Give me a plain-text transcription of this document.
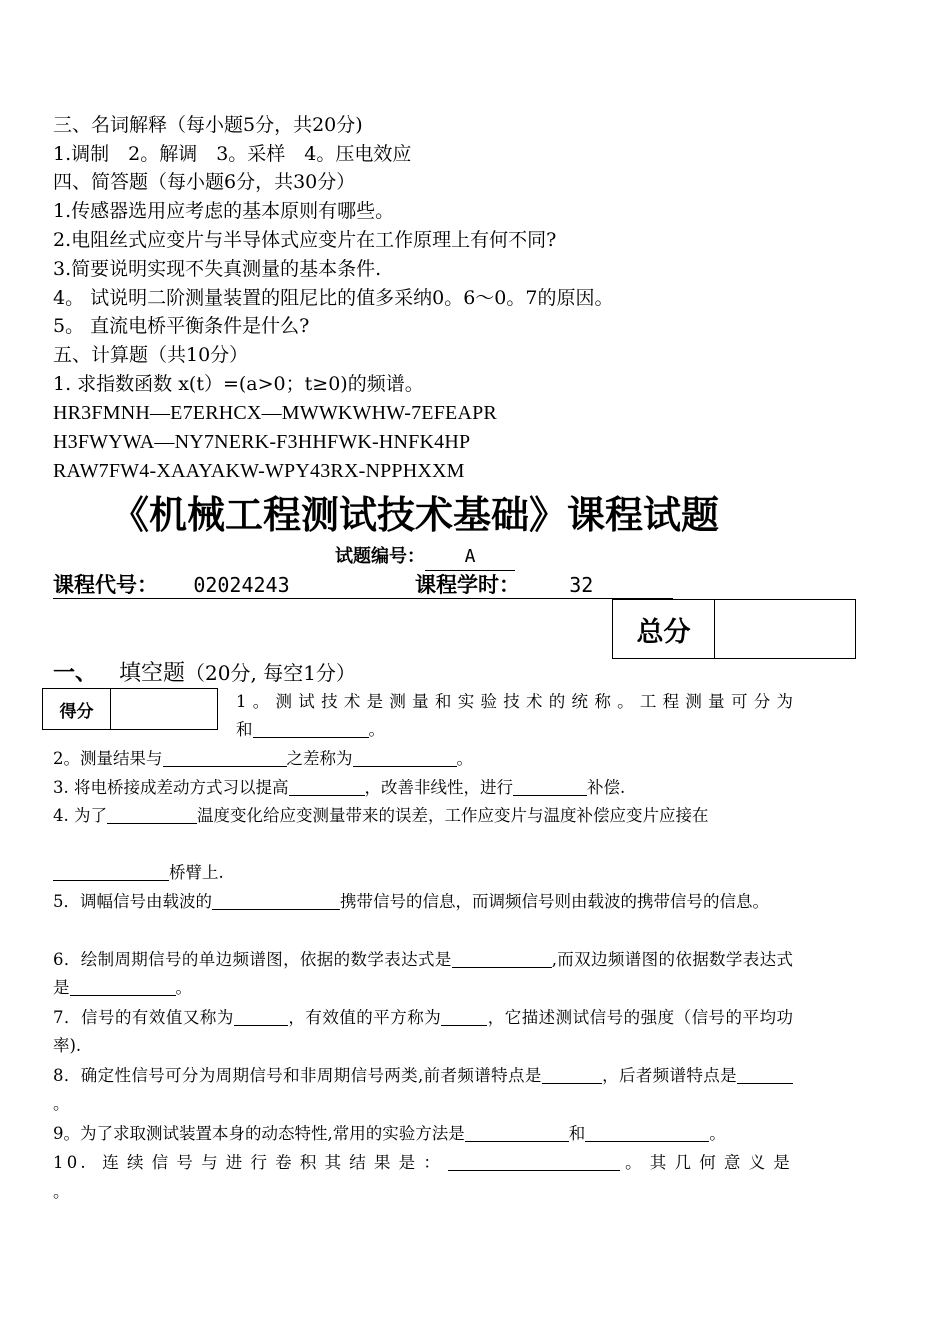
三、名词解释（每小题5分，共20分)
1.调制　2。解调　3。采样　4。压电效应
四、简答题（每小题6分，共30分）
1.传感器选用应考虑的基本原则有哪些。
2.电阻丝式应变片与半导体式应变片在工作原理上有何不同?
3.简要说明实现不失真测量的基本条件.
4。 试说明二阶测量装置的阻尼比的值多采纳0。6～0。7的原因。
5。 直流电桥平衡条件是什么?
五、计算题（共10分）
1. 求指数函数 x(t）=(a>0；t≥0)的频谱。
HR3FMNH—E7ERHCX—MWWKWHW-7EFEAPR
H3FWYWA—NY7NERK-F3HHFWK-HNFK4HP
RAW7FW4-XAAYAKW-WPY43RX-NPPHXXM
《机械工程测试技术基础》课程试题
试题编号： A
课程代号： 02024243	课程学时： 32
总分
一、 填空题（20分, 每空1分）
得分	1。测试技术是测量和实验技术的统称。工程测量可分为
和	。
2。测量结果与	之差称为	。
3. 将电桥接成差动方式习以提高	，改善非线性，进行	补偿.
4. 为了	温度变化给应变测量带来的误差，工作应变片与温度补偿应变片应接在
桥臂上.
5．调幅信号由载波的	携带信号的信息，而调频信号则由载波的携带信号的信息。
6．绘制周期信号的单边频谱图，依据的数学表达式是	,而双边频谱图的依据数学表达式是	。
7．信号的有效值又称为	，有效值的平方称为	，它描述测试信号的强度（信号的平均功率).
8．确定性信号可分为周期信号和非周期信号两类,前者频谱特点是	，后者频谱特点是。
9。为了求取测试装置本身的动态特性,常用的实验方法是	和	。
10. 连续信号与进行卷积其结果是：	。其几何意义是
。
